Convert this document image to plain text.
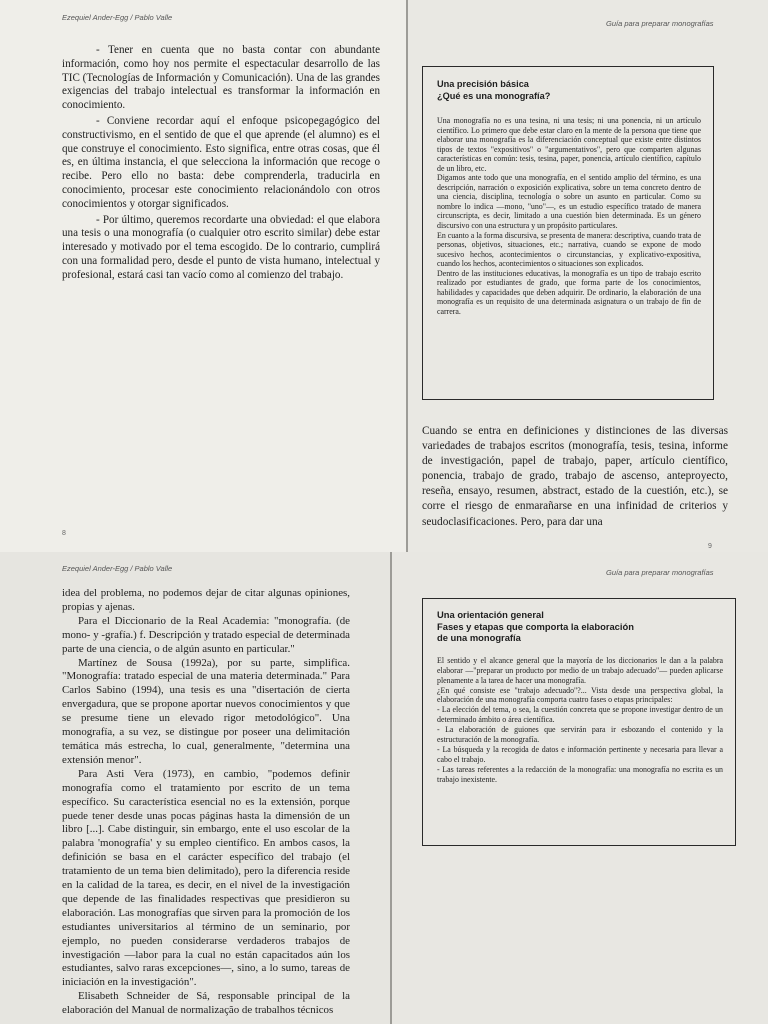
Ezequiel Ander-Egg / Pablo Valle

- Tener en cuenta que no basta contar con abundante información, como hoy nos permite el espectacular desarrollo de las TIC (Tecnologías de Información y Comunicación). Una de las grandes exigencias del trabajo intelectual es transformar la información en conocimiento.

- Conviene recordar aquí el enfoque psicopegagógico del constructivismo, en el sentido de que el que aprende (el alumno) es el que construye el conocimiento. Esto significa, entre otras cosas, que él es, en última instancia, el que selecciona la información que recoge o recibe. Pero ello no basta: debe comprenderla, traducirla en conocimiento, procesar este conocimiento relacionándolo con otros conocimientos y otorgar significados.

- Por último, queremos recordarte una obviedad: el que elabora una tesis o una monografía (o cualquier otro escrito similar) debe estar interesado y motivado por el tema escogido. De lo contrario, cumplirá con una formalidad pero, desde el punto de vista humano, intelectual y profesional, estará casi tan vacío como al comienzo del trabajo.

8
Guía para preparar monografías
Una precisión básica
¿Qué es una monografía?

Una monografía no es una tesina, ni una tesis; ni una ponencia, ni un artículo científico. Lo primero que debe estar claro en la mente de la persona que tiene que elaborar una monografía es la diferenciación conceptual que existe entre distintos tipos de textos "expositivos" o "argumentativos", pero que comparten algunas características en común: tesis, tesina, paper, ponencia, artículo científico, capítulo de un libro, etc.

Digamos ante todo que una monografía, en el sentido amplio del término, es una descripción, narración o exposición explicativa, sobre un tema concreto dentro de una ciencia, disciplina, tecnología o sobre un asunto en particular. Como su nombre lo indica —mono, "uno"—, es un estudio específico tratado de manera circunscripta, es decir, limitado a una cuestión bien determinada. Es un género discursivo con una estructura y un propósito particulares.

En cuanto a la forma discursiva, se presenta de manera: descriptiva, cuando trata de personas, objetivos, situaciones, etc.; narrativa, cuando se expone de modo sucesivo hechos, acontecimientos o circunstancias, y explicativo-expositiva, cuando los hechos, acontecimientos o situaciones son explicados.

Dentro de las instituciones educativas, la monografía es un tipo de trabajo escrito realizado por estudiantes de grado, que forma parte de los conocimientos, habilidades y capacidades que deben adquirir. De ordinario, la elaboración de una monografía es un requisito de una determinada asignatura o un trabajo de fin de carrera.

Cuando se entra en definiciones y distinciones de las diversas variedades de trabajos escritos (monografía, tesis, tesina, informe de investigación, papel de trabajo, paper, artículo científico, ponencia, trabajo de grado, trabajo de ascenso, anteproyecto, reseña, ensayo, resumen, abstract, estado de la cuestión, etc.), se corre el riesgo de enmarañarse en una infinidad de criterios y seudoclasificaciones. Pero, para dar una

9
Ezequiel Ander-Egg / Pablo Valle

idea del problema, no podemos dejar de citar algunas opiniones, propias y ajenas.

Para el Diccionario de la Real Academia: "monografía. (de mono- y -grafía.) f. Descripción y tratado especial de determinada parte de una ciencia, o de algún asunto en particular."

Martínez de Sousa (1992a), por su parte, simplifica. "Monografía: tratado especial de una materia determinada." Para Carlos Sabino (1994), una tesis es una "disertación de cierta envergadura, que se propone aportar nuevos conocimientos y que se presume tiene un elevado rigor metodológico". Una monografía, a su vez, se distingue por poseer una delimitación temática más estrecha, lo cual, generalmente, "determina una extensión menor".

Para Asti Vera (1973), en cambio, "podemos definir monografía como el tratamiento por escrito de un tema específico. Su característica esencial no es la extensión, porque puede tener desde unas pocas páginas hasta la dimensión de un libro [...]. Cabe distinguir, sin embargo, ente el uso escolar de la palabra 'monografía' y su empleo científico. En ambos casos, la definición se basa en el carácter específico del trabajo (el tratamiento de un tema bien delimitado), pero la diferencia reside en la calidad de la tarea, es decir, en el nivel de la investigación que depende de las finalidades respectivas que presidieron su elaboración. Las monografías que sirven para la promoción de los estudiantes universitarios al término de un seminario, por ejemplo, no pueden considerarse verdaderos trabajos de investigación —labor para la cual no están capacitados aún los estudiantes, salvo raras excepciones—, sino, a lo sumo, tareas de iniciación en la investigación".

Elisabeth Schneider de Sá, responsable principal de la elaboración del Manual de normalização de trabalhos técnicos

Guía para preparar monografías
Una orientación general
Fases y etapas que comporta la elaboración
de una monografía

El sentido y el alcance general que la mayoría de los diccionarios le dan a la palabra elaborar —"preparar un producto por medio de un trabajo adecuado"— pueden aplicarse plenamente a la tarea de hacer una monografía.

¿En qué consiste ese "trabajo adecuado"?... Vista desde una perspectiva global, la elaboración de una monografía comporta cuatro fases o etapas principales:

- La elección del tema, o sea, la cuestión concreta que se propone investigar dentro de un determinado ámbito o área científica.

- La elaboración de guiones que servirán para ir esbozando el contenido y la estructuración de la monografía.

- La búsqueda y la recogida de datos e información pertinente y necesaria para llevar a cabo el trabajo.

- Las tareas referentes a la redacción de la monografía: una monografía no escrita es un trabajo inexistente.
